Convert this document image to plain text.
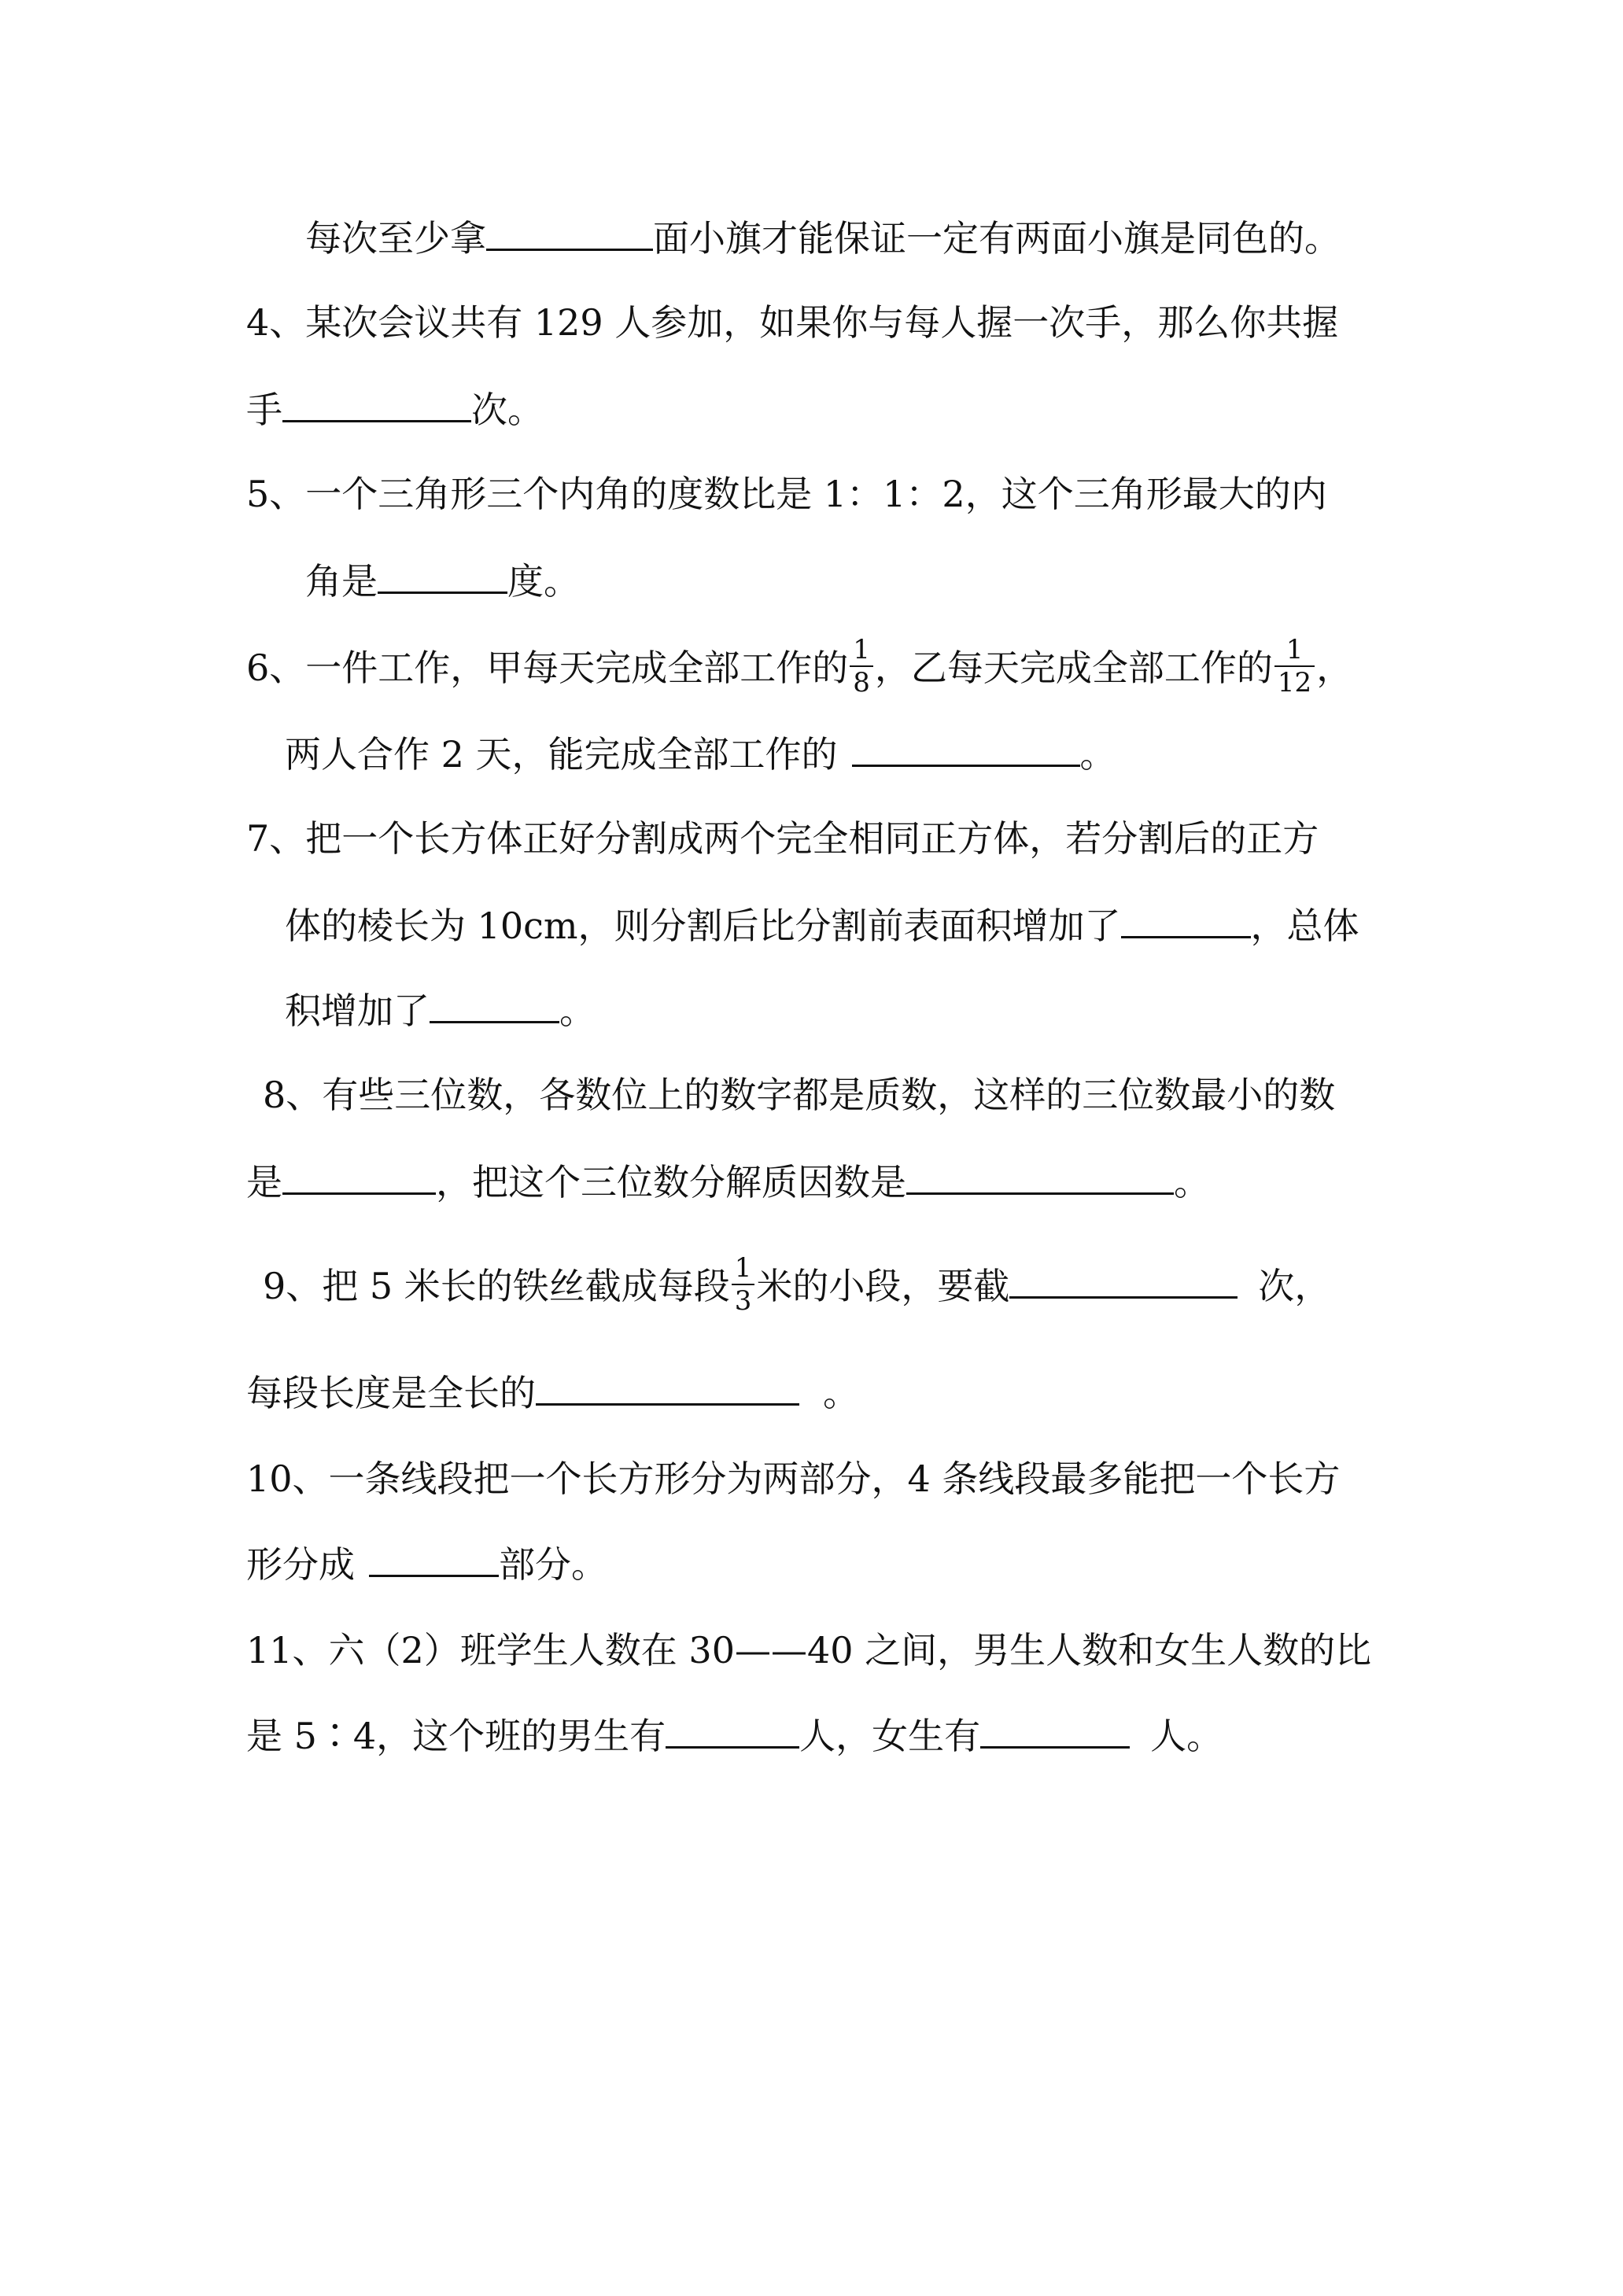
每次至少拿	面小旗才能保证一定有两面小旗是同色的。
4、某次会议共有 129 人参加，如果你与每人握一次手，那么你共握
手	次。
5、一个三角形三个内角的度数比是 1：1：2，这个三角形最大的内
角是	度。
6、一件工作，甲每天完成全部工作的 $\frac{1}{8}$ ，乙每天完成全部工作的 $\frac{1}{12}$ ，
两人合作 2 天，能完成全部工作的	。
7、把一个长方体正好分割成两个完全相同正方体，若分割后的正方
体的棱长为 10cm，则分割后比分割前表面积增加了	，总体
积增加了	。
8、有些三位数，各数位上的数字都是质数，这样的三位数最小的数
是	，把这个三位数分解质因数是	。
9、把 5 米长的铁丝截成每段 $\frac{1}{3}$ 米的小段，要截	次，
每段长度是全长的	。
10、一条线段把一个长方形分为两部分，4 条线段最多能把一个长方
形分成	部分。
11、六（2）班学生人数在 30——40 之间，男生人数和女生人数的比
是 5∶4，这个班的男生有	人，女生有	人。
